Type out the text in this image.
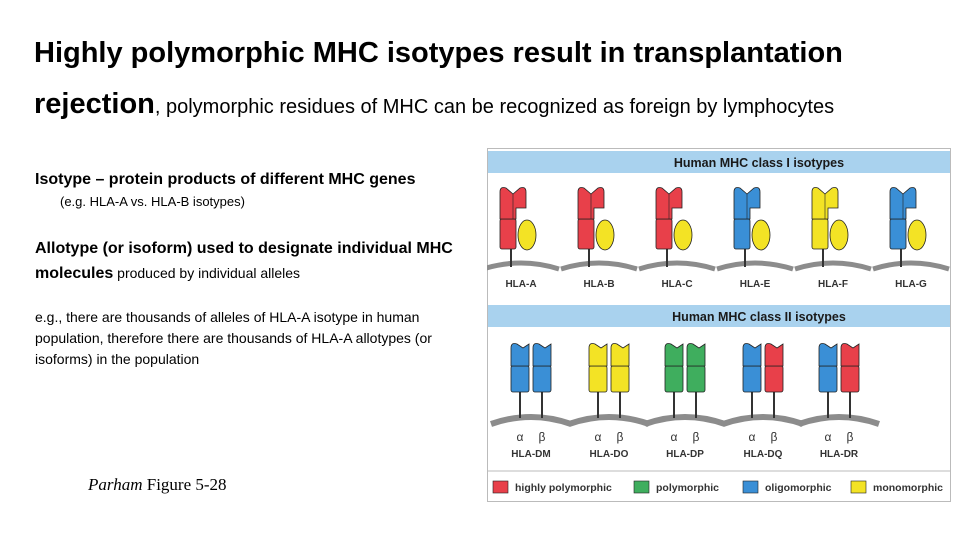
Highly polymorphic MHC isotypes result in transplantation rejection, polymorphic residues of MHC can be recognized as foreign by lymphocytes

Isotype – protein products of different MHC genes

(e.g. HLA-A vs. HLA-B isotypes)

Allotype (or isoform) used to designate individual MHC molecules produced by individual alleles

e.g., there are thousands of alleles of HLA-A isotype in human population, therefore there are thousands of HLA-A allotypes (or isoforms) in the population

Parham Figure 5-28
Human MHC class I isotypes
HLA-A	HLA-B	HLA-C	HLA-E	HLA-F	HLA-G
Human MHC class II isotypes
α β
HLA-DM
α β
HLA-DO
α β
HLA-DP
α β
HLA-DQ
α β
HLA-DR
highly polymorphic	polymorphic	oligomorphic	monomorphic
